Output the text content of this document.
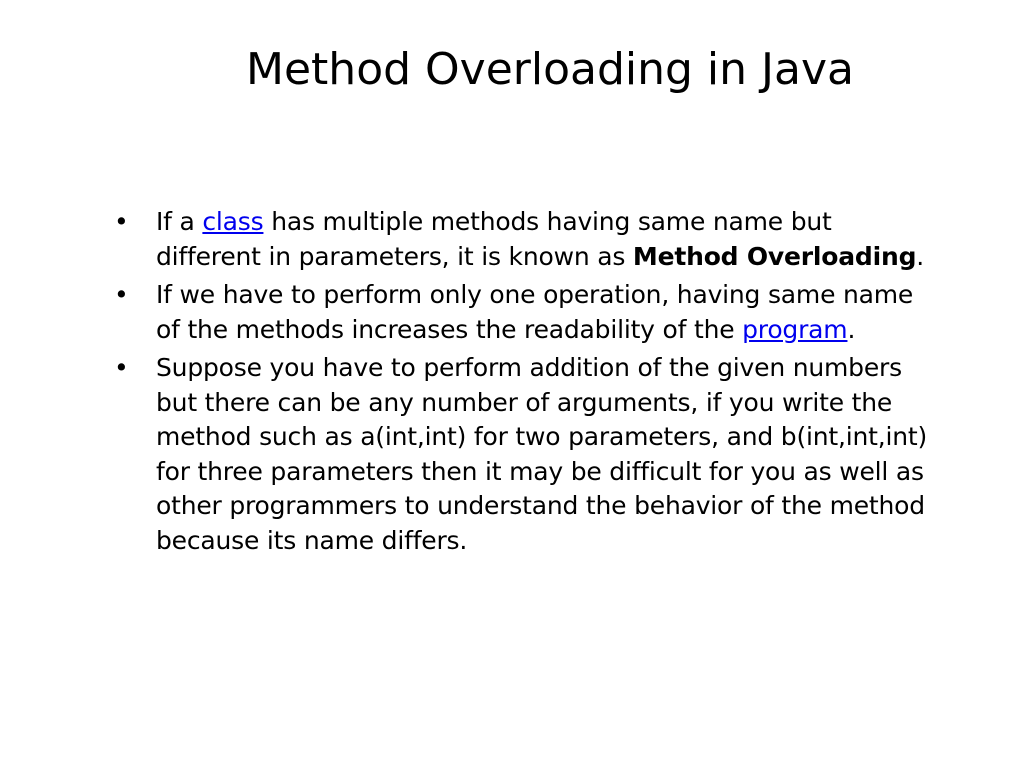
Method Overloading in Java
• If a class has multiple methods having same name but different in parameters, it is known as Method Overloading.
• If we have to perform only one operation, having same name of the methods increases the readability of the program.
• Suppose you have to perform addition of the given numbers but there can be any number of arguments, if you write the method such as a(int,int) for two parameters, and b(int,int,int) for three parameters then it may be difficult for you as well as other programmers to understand the behavior of the method because its name differs.
